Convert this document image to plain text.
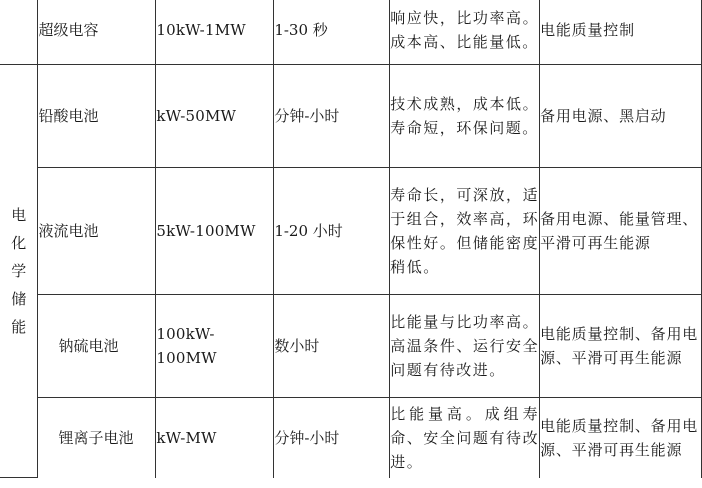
	超级电容	10kW-1MW	1-30 秒	响应快，比功率高。成本高、比能量低。	电能质量控制

电
化
学
储
能	铅酸电池	kW-50MW	分钟-小时	技术成熟，成本低。寿命短，环保问题。	备用电源、黑启动
	液流电池	5kW-100MW	1-20 小时	寿命长，可深放，适于组合，效率高，环保性好。但储能密度稍低。	备用电源、能量管理、平滑可再生能源
	钠硫电池	100kW-100MW	数小时	比能量与比功率高。高温条件、运行安全问题有待改进。	电能质量控制、备用电源、平滑可再生能源
	锂离子电池	kW-MW	分钟-小时	比能量高。成组寿命、安全问题有待改进。	电能质量控制、备用电源、平滑可再生能源
